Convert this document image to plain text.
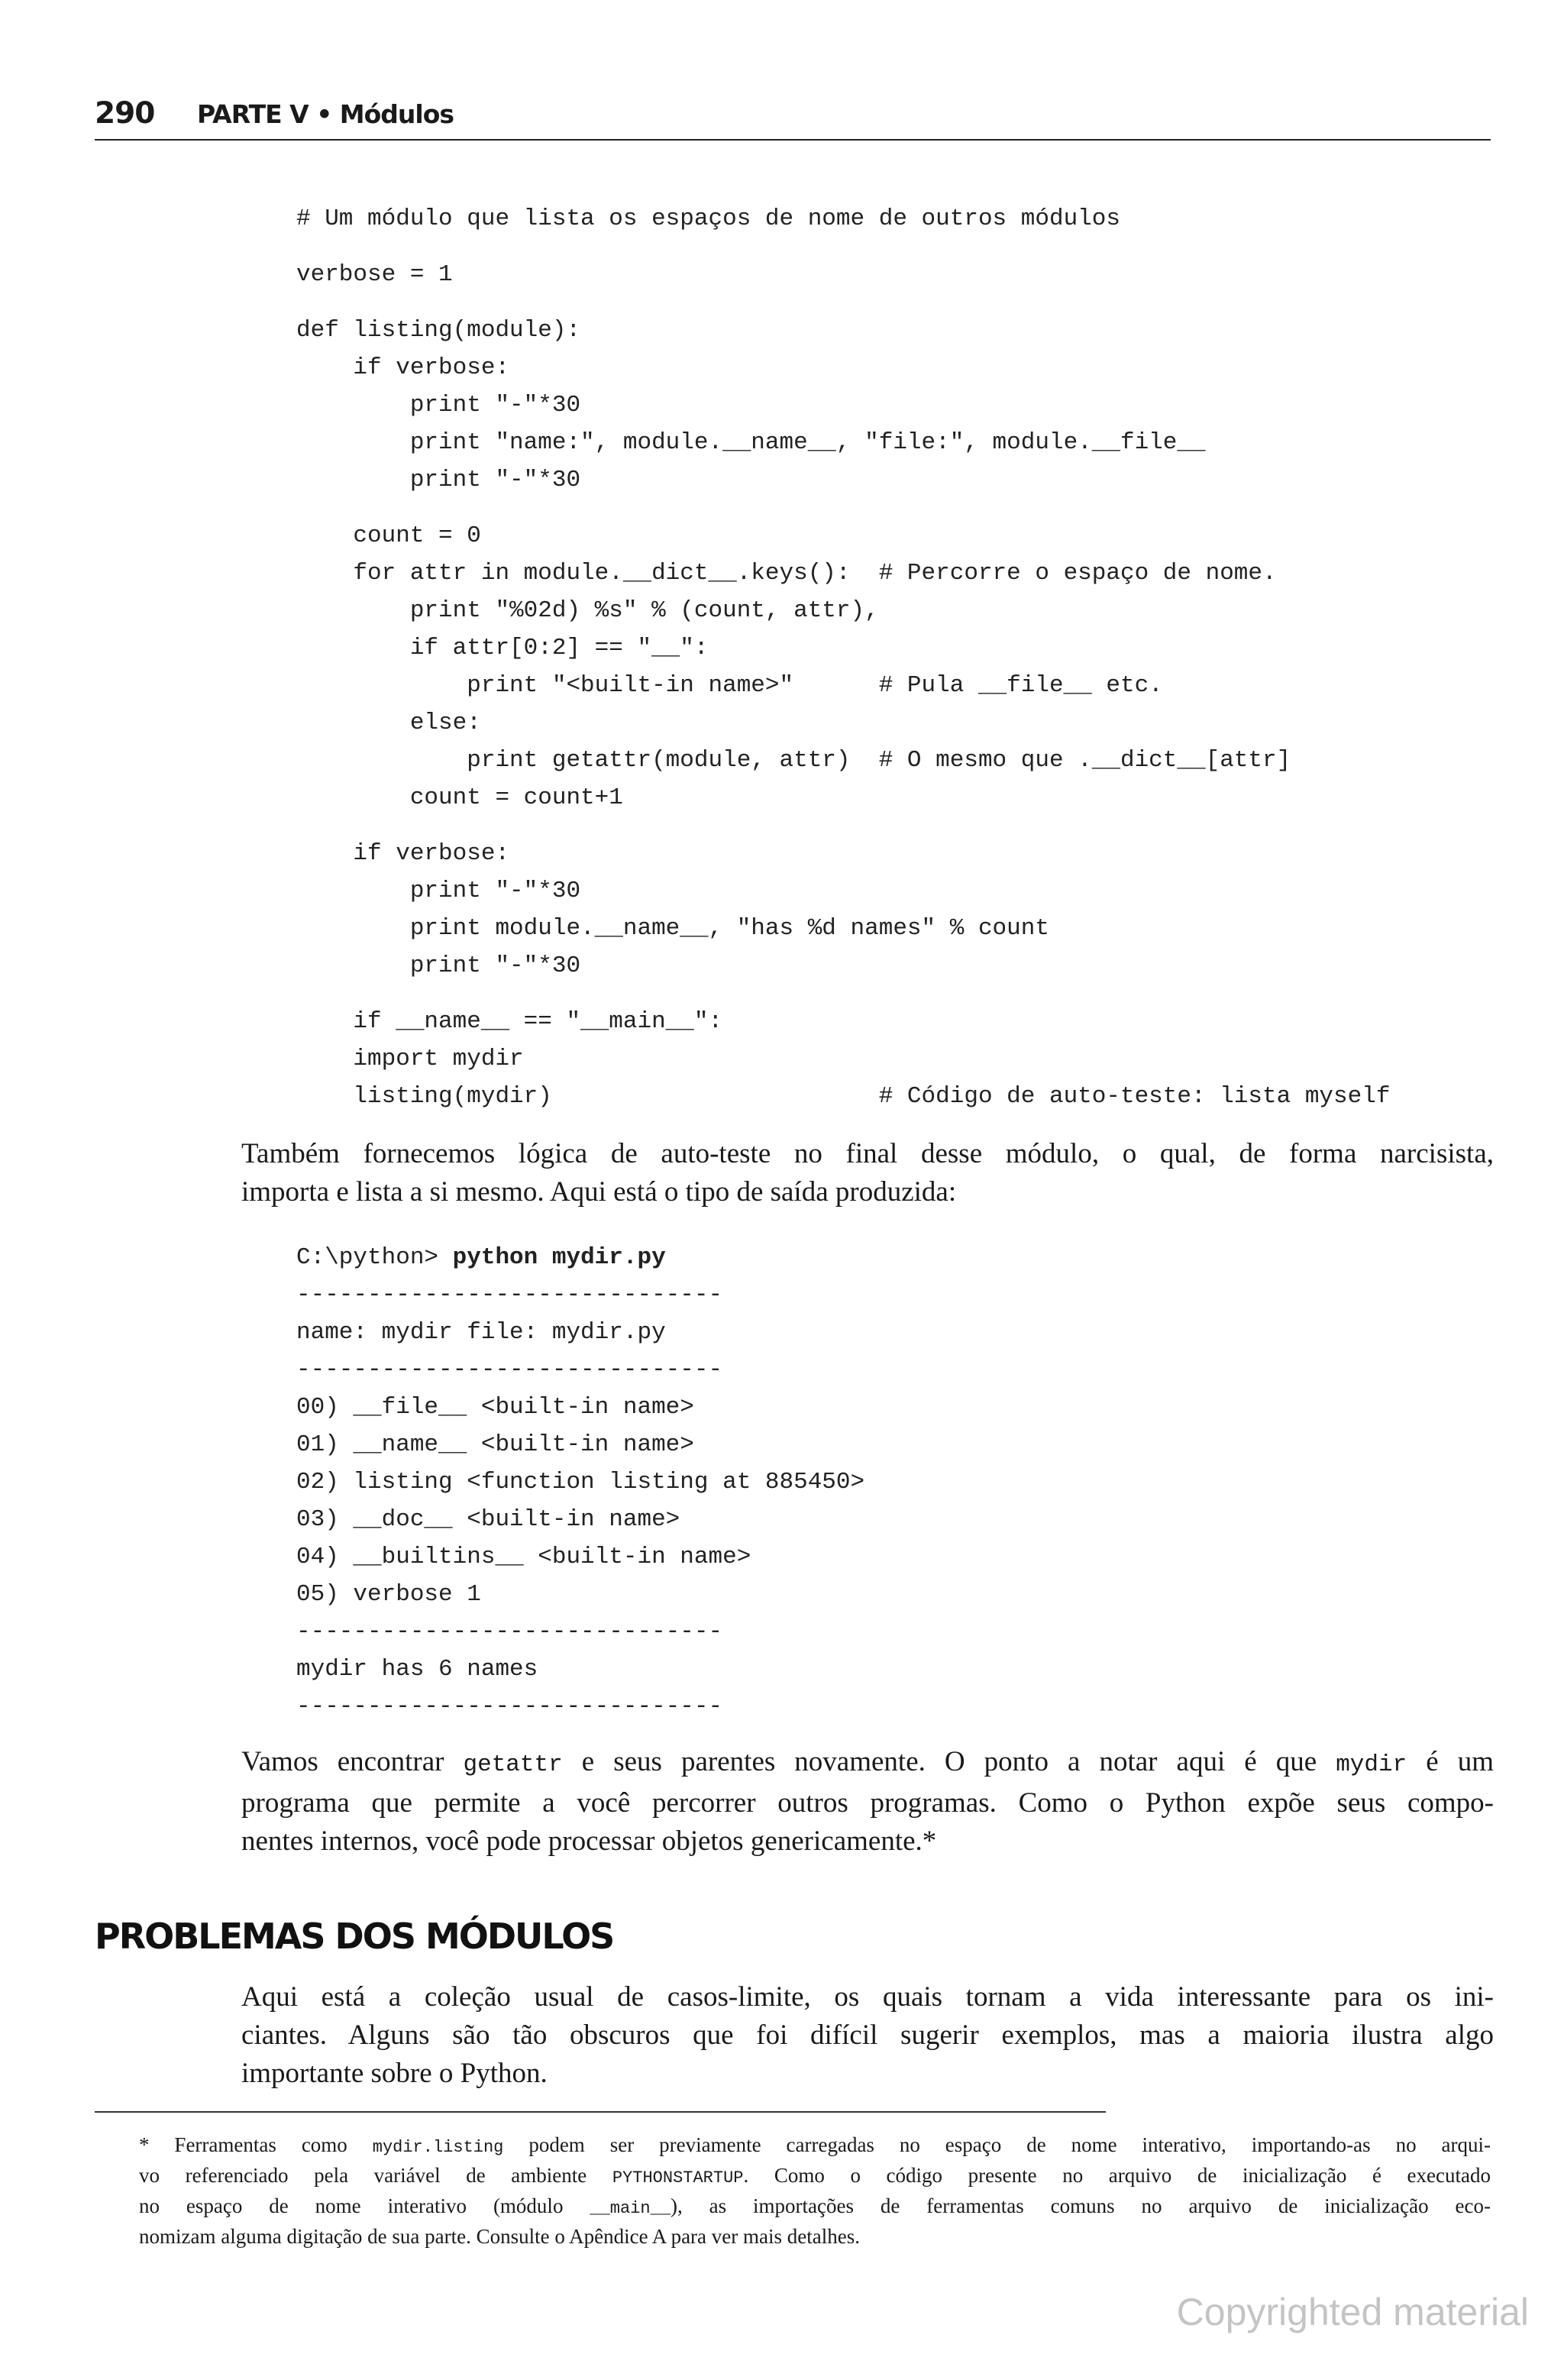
290 PARTE V • Módulos
# Um módulo que lista os espaços de nome de outros módulos
verbose = 1
def listing(module):
if verbose:
print "-"*30
print "name:", module.__name__, "file:", module.__file__
print "-"*30
count = 0
for attr in module.__dict__.keys():  # Percorre o espaço de nome.
print "%02d) %s" % (count, attr),
if attr[0:2] == "__":
print "<built-in name>"      # Pula __file__ etc.
else:
print getattr(module, attr)  # O mesmo que .__dict__[attr]
count = count+1
if verbose:
print "-"*30
print module.__name__, "has %d names" % count
print "-"*30
if __name__ == "__main__":
import mydir
listing(mydir)                       # Código de auto-teste: lista myself
Também fornecemos lógica de auto-teste no final desse módulo, o qual, de forma narcisista,
importa e lista a si mesmo. Aqui está o tipo de saída produzida:
C:\python> python mydir.py
------------------------------
name: mydir file: mydir.py
------------------------------
00) __file__ <built-in name>
01) __name__ <built-in name>
02) listing <function listing at 885450>
03) __doc__ <built-in name>
04) __builtins__ <built-in name>
05) verbose 1
------------------------------
mydir has 6 names
------------------------------
Vamos encontrar getattr e seus parentes novamente. O ponto a notar aqui é que mydir é um
programa que permite a você percorrer outros programas. Como o Python expõe seus compo-
nentes internos, você pode processar objetos genericamente.*
PROBLEMAS DOS MÓDULOS
Aqui está a coleção usual de casos-limite, os quais tornam a vida interessante para os ini-
ciantes. Alguns são tão obscuros que foi difícil sugerir exemplos, mas a maioria ilustra algo
importante sobre o Python.
* Ferramentas como mydir.listing podem ser previamente carregadas no espaço de nome interativo, importando-as no arqui-
vo referenciado pela variável de ambiente PYTHONSTARTUP. Como o código presente no arquivo de inicialização é executado
no espaço de nome interativo (módulo __main__), as importações de ferramentas comuns no arquivo de inicialização eco-
nomizam alguma digitação de sua parte. Consulte o Apêndice A para ver mais detalhes.
Copyrighted material
